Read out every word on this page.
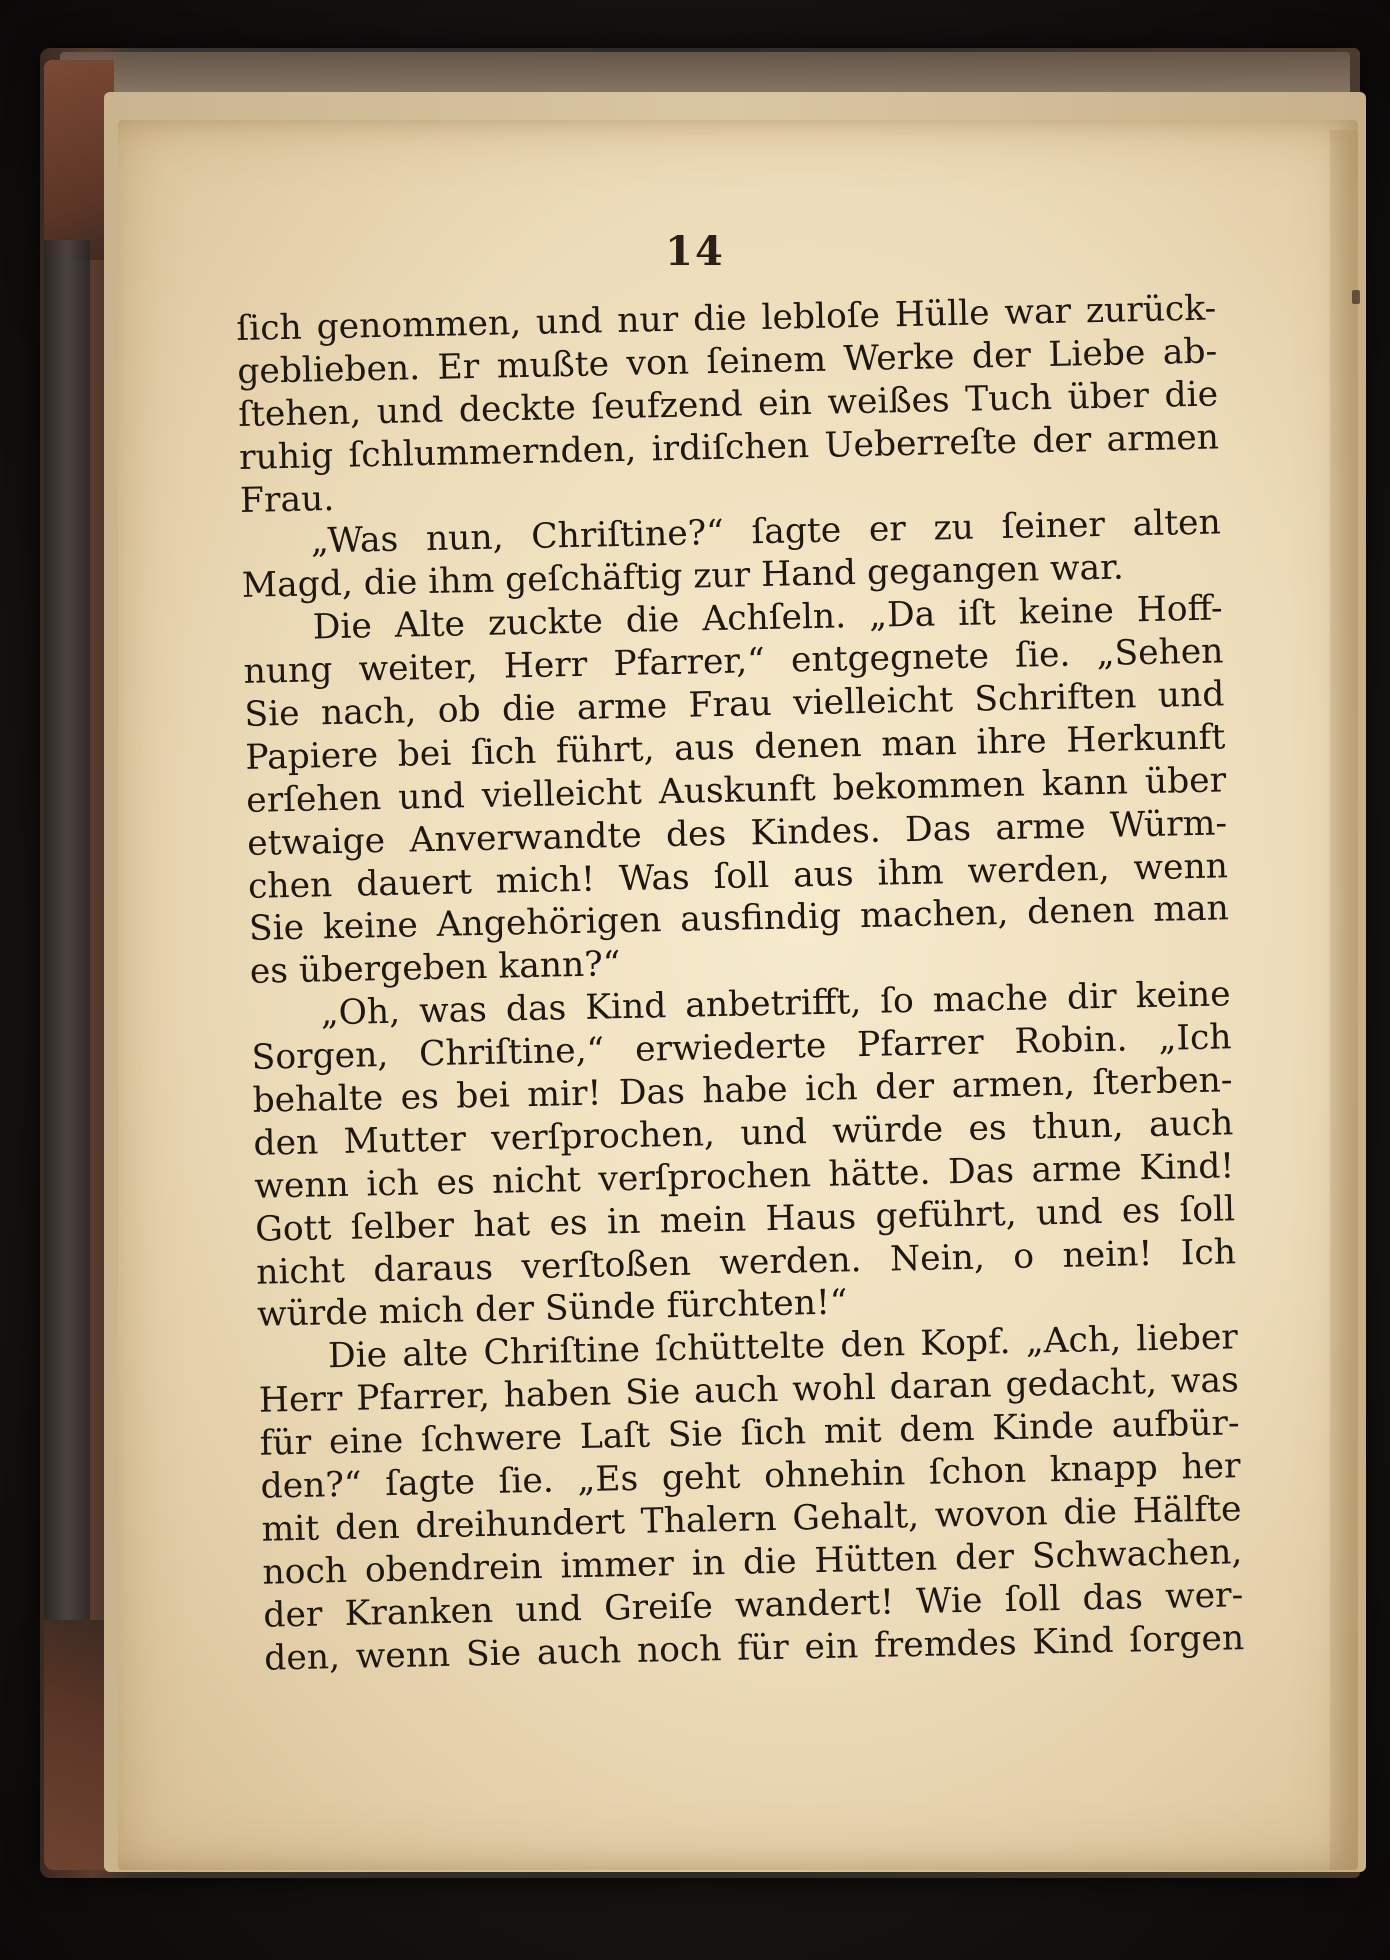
14
ſich genommen, und nur die lebloſe Hülle war zurück-
geblieben. Er mußte von ſeinem Werke der Liebe ab-
ſtehen, und deckte ſeufzend ein weißes Tuch über die
ruhig ſchlummernden, irdiſchen Ueberreſte der armen
Frau.
„Was nun, Chriſtine?“ ſagte er zu ſeiner alten
Magd, die ihm geſchäftig zur Hand gegangen war.
Die Alte zuckte die Achſeln. „Da iſt keine Hoff-
nung weiter, Herr Pfarrer,“ entgegnete ſie. „Sehen
Sie nach, ob die arme Frau vielleicht Schriften und
Papiere bei ſich führt, aus denen man ihre Herkunft
erſehen und vielleicht Auskunft bekommen kann über
etwaige Anverwandte des Kindes. Das arme Würm-
chen dauert mich! Was ſoll aus ihm werden, wenn
Sie keine Angehörigen ausfindig machen, denen man
es übergeben kann?“
„Oh, was das Kind anbetrifft, ſo mache dir keine
Sorgen, Chriſtine,“ erwiederte Pfarrer Robin. „Ich
behalte es bei mir! Das habe ich der armen, ſterben-
den Mutter verſprochen, und würde es thun, auch
wenn ich es nicht verſprochen hätte. Das arme Kind!
Gott ſelber hat es in mein Haus geführt, und es ſoll
nicht daraus verſtoßen werden. Nein, o nein! Ich
würde mich der Sünde fürchten!“
Die alte Chriſtine ſchüttelte den Kopf. „Ach, lieber
Herr Pfarrer, haben Sie auch wohl daran gedacht, was
für eine ſchwere Laſt Sie ſich mit dem Kinde aufbür-
den?“ ſagte ſie. „Es geht ohnehin ſchon knapp her
mit den dreihundert Thalern Gehalt, wovon die Hälfte
noch obendrein immer in die Hütten der Schwachen,
der Kranken und Greiſe wandert! Wie ſoll das wer-
den, wenn Sie auch noch für ein fremdes Kind ſorgen
